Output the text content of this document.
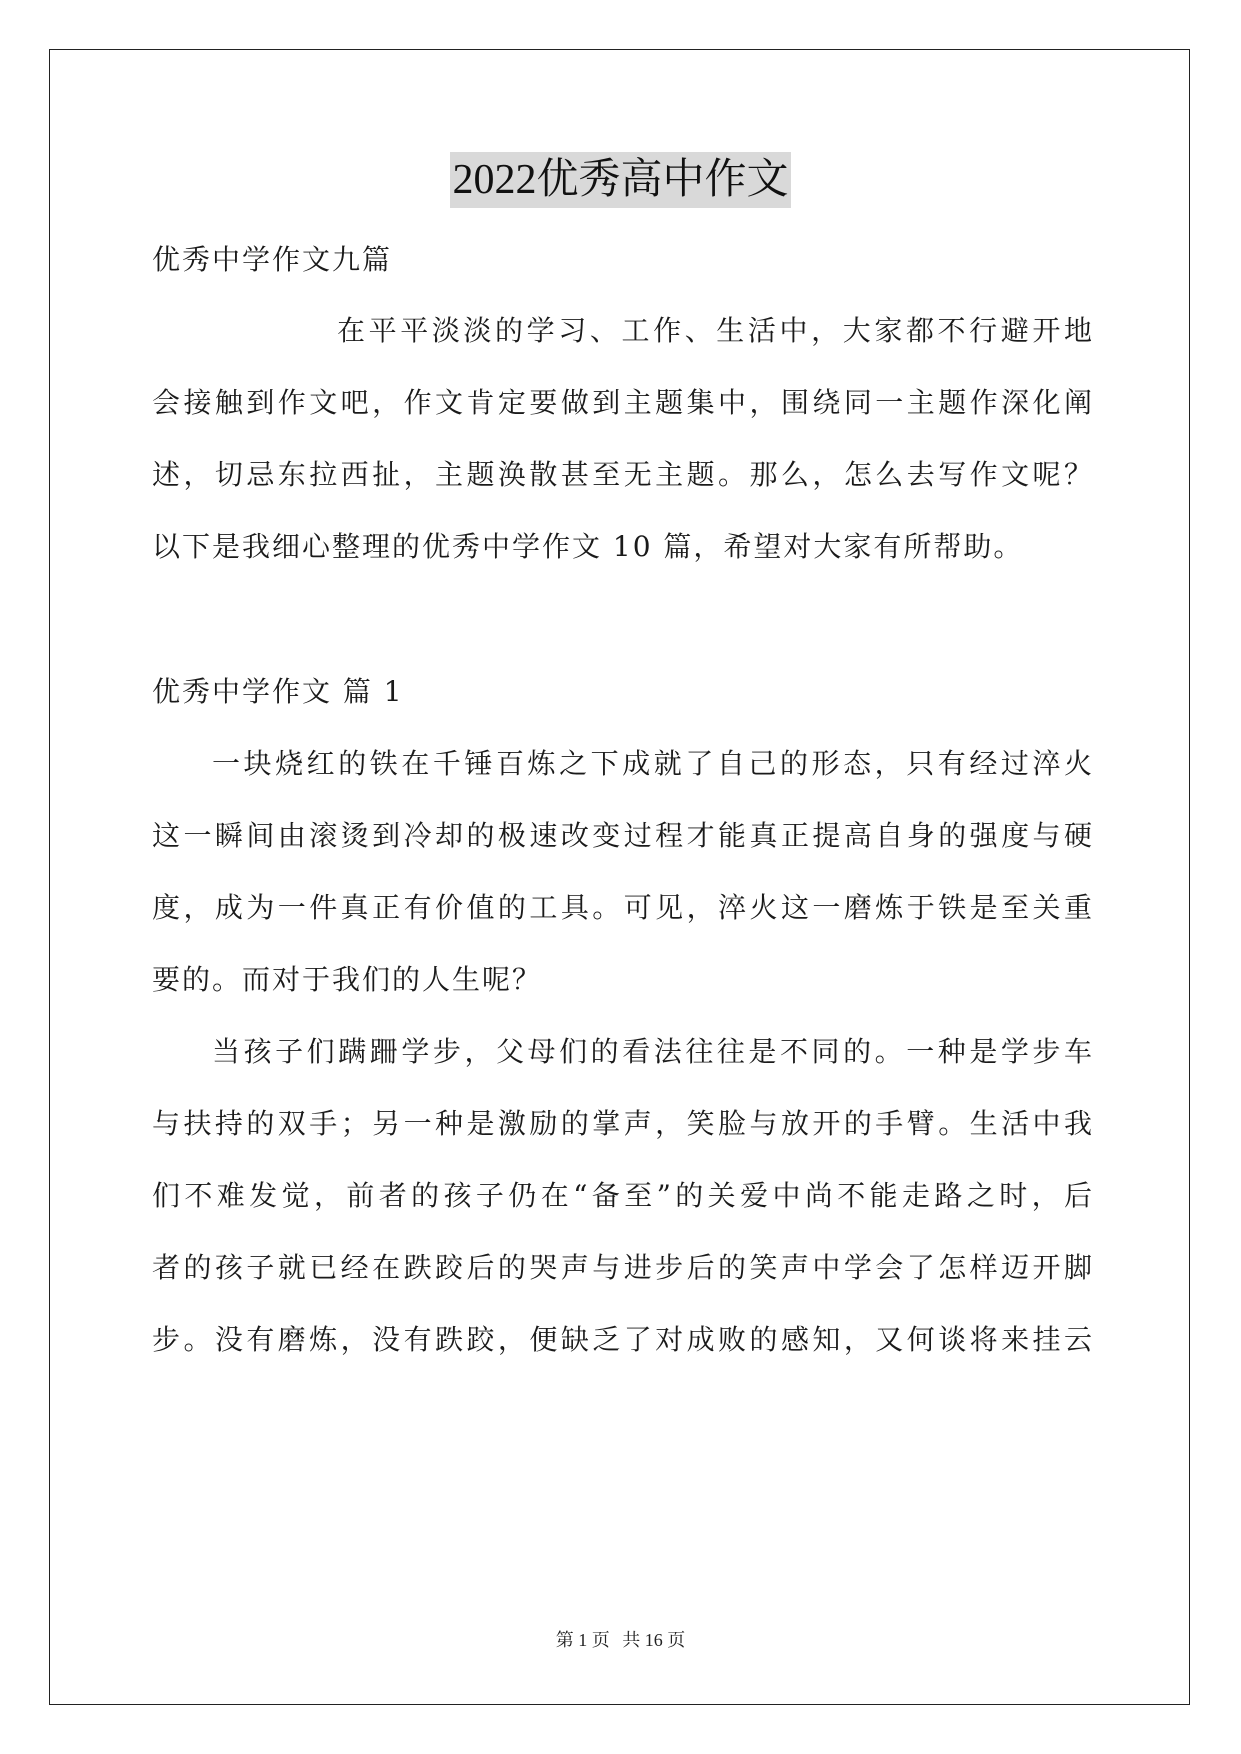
2022优秀高中作文
优秀中学作文九篇
在平平淡淡的学习、工作、生活中，大家都不行避开地
会接触到作文吧，作文肯定要做到主题集中，围绕同一主题作深化阐
述，切忌东拉西扯，主题涣散甚至无主题。那么，怎么去写作文呢？
以下是我细心整理的优秀中学作文 10 篇，希望对大家有所帮助。
优秀中学作文 篇 1
一块烧红的铁在千锤百炼之下成就了自己的形态，只有经过淬火
这一瞬间由滚烫到冷却的极速改变过程才能真正提高自身的强度与硬
度，成为一件真正有价值的工具。可见，淬火这一磨炼于铁是至关重
要的。而对于我们的人生呢？
当孩子们蹒跚学步，父母们的看法往往是不同的。一种是学步车
与扶持的双手；另一种是激励的掌声，笑脸与放开的手臂。生活中我
们不难发觉，前者的孩子仍在“备至”的关爱中尚不能走路之时，后
者的孩子就已经在跌跤后的哭声与进步后的笑声中学会了怎样迈开脚
步。没有磨炼，没有跌跤，便缺乏了对成败的感知，又何谈将来挂云
第 1 页 共 16 页
